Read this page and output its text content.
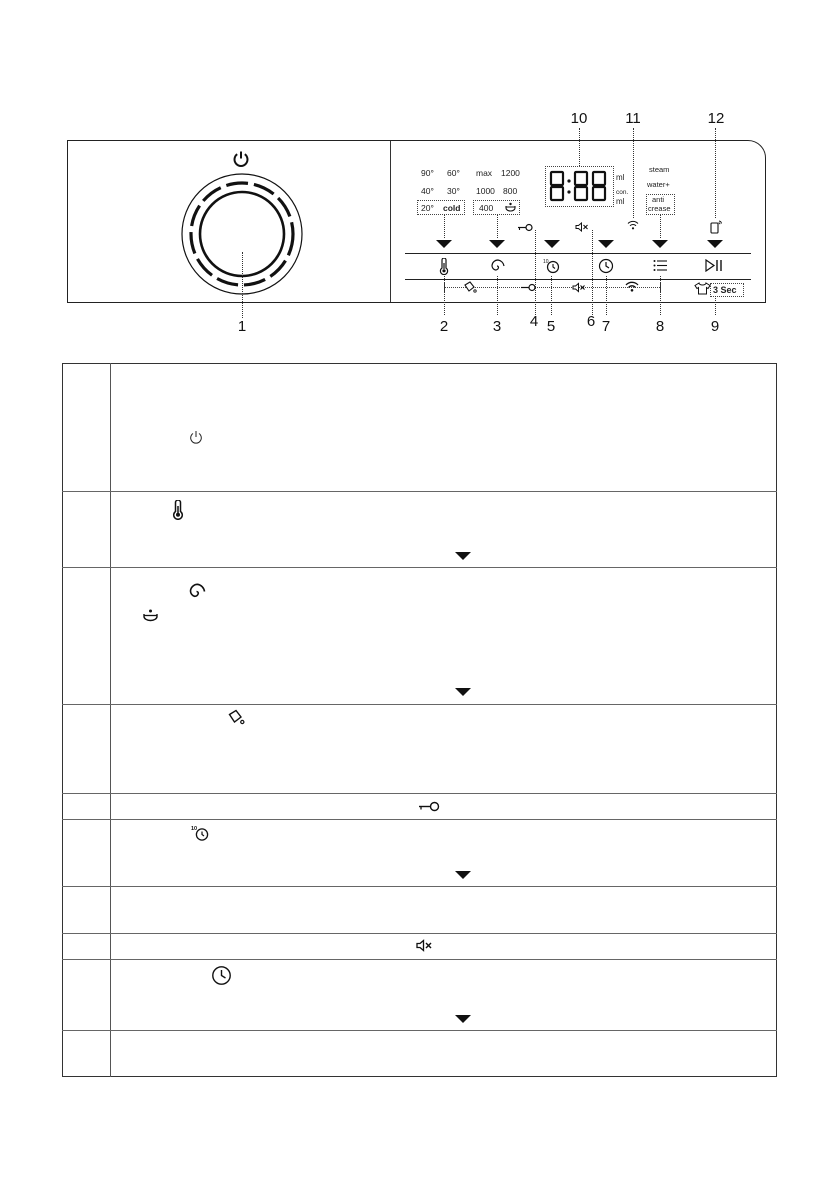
10	11	12
90° 60°
40° 30°
20° cold
max 1200
1000 800
400
ml
con.
ml
steam
water+
anti
crease
10
3 Sec
1	2	3	4 5	6 7	8	9
10
